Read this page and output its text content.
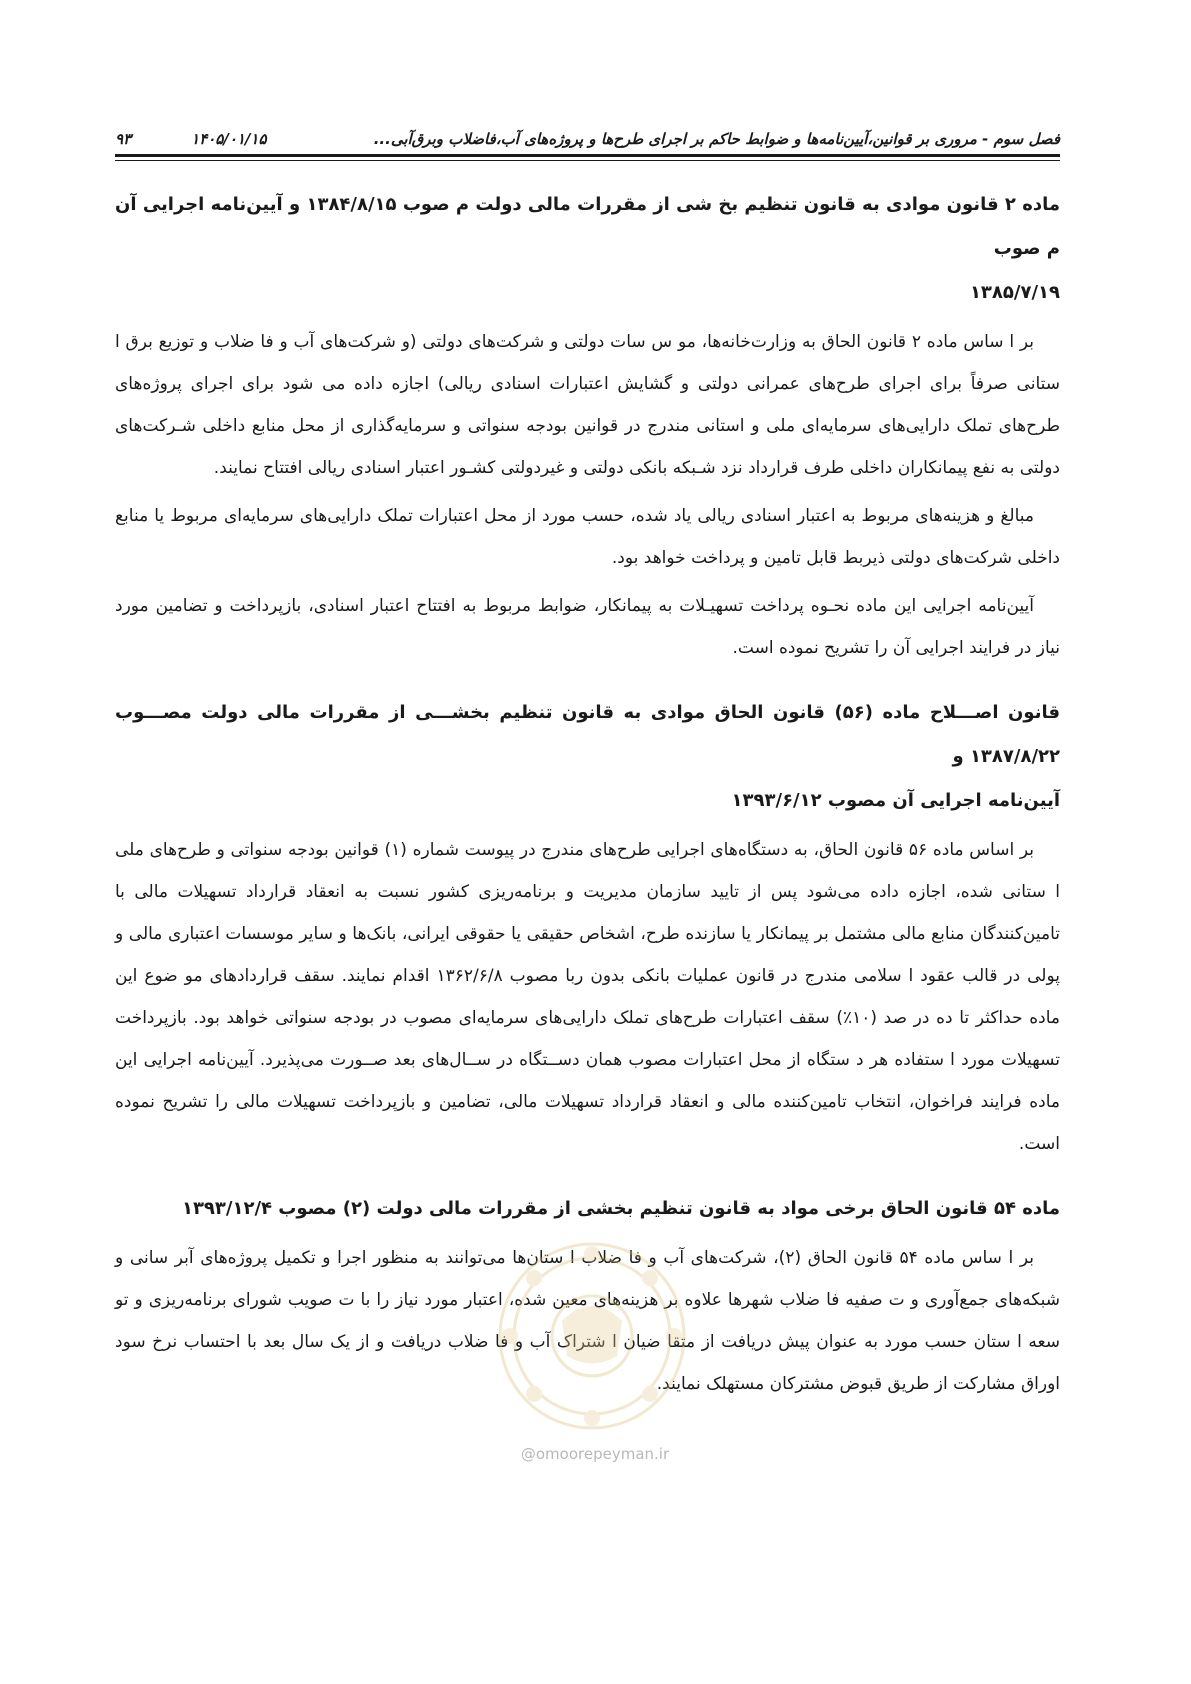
فصل سوم - مروری بر قوانین،آیین‌نامه‌ها و ضوابط حاکم بر اجرای طرح‌ها و پروژه‌های آب،فاضلاب وبرق‌آبی...
۱۴۰۵/۰۱/۱۵
۹۳
ماده ۲ قانون موادی به قانون تنظیم بخ شی از مقررات مالی دولت م صوب ۱۳۸۴/۸/۱۵ و آیین‌نامه اجرایی آن م صوب
۱۳۸۵/۷/۱۹

بر ا ساس ماده ۲ قانون الحاق به وزارت‌خانه‌ها، مو س سات دولتی و شرکت‌های دولتی (و شرکت‌های آب و فا ضلاب و توزیع برق ا ستانی صرفاً برای اجرای طرح‌های عمرانی دولتی و گشایش اعتبارات اسنادی ریالی) اجازه داده می شود برای اجرای پروژه‌های طرح‌های تملک دارایی‌های سرمایه‌ای ملی و استانی مندرج در قوانین بودجه سنواتی و سرمایه‌گذاری از محل منابع داخلی شـرکت‌های دولتی به نفع پیمانکاران داخلی طرف قرارداد نزد شـبکه بانکی دولتی و غیردولتی کشـور اعتبار اسنادی ریالی افتتاح نمایند.

مبالغ و هزینه‌های مربوط به اعتبار اسنادی ریالی یاد شده، حسب مورد از محل اعتبارات تملک دارایی‌های سرمایه‌ای مربوط یا منابع داخلی شرکت‌های دولتی ذیربط قابل تامین و پرداخت خواهد بود.

آیین‌نامه اجرایی این ماده نحـوه پرداخت تسهیـلات به پیمانکار، ضوابط مربوط به افتتاح اعتبار اسنادی، بازپرداخت و تضامین مورد نیاز در فرایند اجرایی آن را تشریح نموده است.

قانون اصـــلاح ماده (۵۶) قانون الحاق موادی به قانون تنظیم بخشـــی از مقررات مالی دولت مصـــوب ۱۳۸۷/۸/۲۲ و
آیین‌نامه اجرایی آن مصوب ۱۳۹۳/۶/۱۲

بر اساس ماده ۵۶ قانون الحاق، به دستگاه‌های اجرایی طرح‌های مندرج در پیوست شماره (۱) قوانین بودجه سنواتی و طرح‌های ملی ا ستانی شده، اجازه داده می‌شود پس از تایید سازمان مدیریت و برنامه‌ریزی کشور نسبت به انعقاد قرارداد تسهیلات مالی با تامین‌کنندگان منابع مالی مشتمل بر پیمانکار یا سازنده طرح، اشخاص حقیقی یا حقوقی ایرانی، بانک‌ها و سایر موسسات اعتباری مالی و پولی در قالب عقود ا سلامی مندرج در قانون عملیات بانکی بدون ربا مصوب ۱۳۶۲/۶/۸ اقدام نمایند. سقف قراردادهای مو ضوع این ماده حداکثر تا ده در صد (۱۰٪) سقف اعتبارات طرح‌های تملک دارایی‌های سرمایه‌ای مصوب در بودجه سنواتی خواهد بود. بازپرداخت تسهیلات مورد ا ستفاده هر د ستگاه از محل اعتبارات مصوب همان دســتگاه در ســال‌های بعد صــورت می‌پذیرد. آیین‌نامه اجرایی این ماده فرایند فراخوان، انتخاب تامین‌کننده مالی و انعقاد قرارداد تسهیلات مالی، تضامین و بازپرداخت تسهیلات مالی را تشریح نموده است.

ماده ۵۴ قانون الحاق برخی مواد به قانون تنظیم بخشی از مقررات مالی دولت (۲) مصوب ۱۳۹۳/۱۲/۴

بر ا ساس ماده ۵۴ قانون الحاق (۲)، شرکت‌های آب و فا ضلاب ا ستان‌ها می‌توانند به منظور اجرا و تکمیل پروژه‌های آبر سانی و شبکه‌های جمع‌آوری و ت صفیه فا ضلاب شهرها علاوه بر هزینه‌های معین شده، اعتبار مورد نیاز را با ت صویب شورای برنامه‌ریزی و تو سعه ا ستان حسب مورد به عنوان پیش دریافت از متقا ضیان ا شتراک آب و فا ضلاب دریافت و از یک سال بعد با احتساب نرخ سود اوراق مشارکت از طریق قبوض مشترکان مستهلک نمایند.

@omoorepeyman.ir
